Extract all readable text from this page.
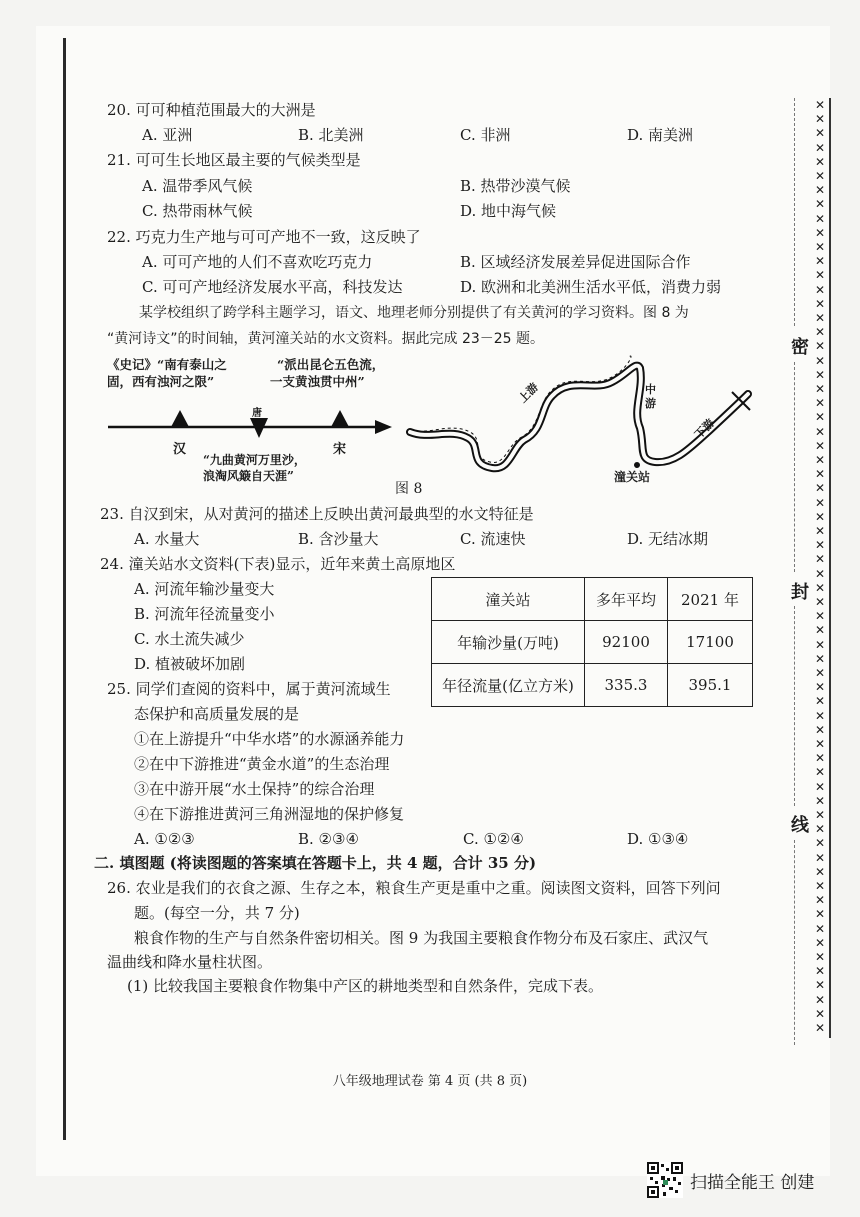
20. 可可种植范围最大的大洲是
A. 亚洲	B. 北美洲	C. 非洲	D. 南美洲
21. 可可生长地区最主要的气候类型是
A. 温带季风气候	B. 热带沙漠气候
C. 热带雨林气候	D. 地中海气候
22. 巧克力生产地与可可产地不一致，这反映了
A. 可可产地的人们不喜欢吃巧克力	B. 区域经济发展差异促进国际合作
C. 可可产地经济发展水平高，科技发达	D. 欧洲和北美洲生活水平低，消费力弱
某学校组织了跨学科主题学习，语文、地理老师分别提供了有关黄河的学习资料。图 8 为
“黄河诗文”的时间轴，黄河潼关站的水文资料。据此完成 23－25 题。
《史记》“南有泰山之
固，西有浊河之限”
“派出昆仑五色流，
一支黄浊贯中州”
“九曲黄河万里沙，
浪淘风簸自天涯”
汉
唐
宋
上游	中游
下游
潼关站
图 8
23. 自汉到宋，从对黄河的描述上反映出黄河最典型的水文特征是
A. 水量大	B. 含沙量大	C. 流速快	D. 无结冰期
24. 潼关站水文资料(下表)显示，近年来黄土高原地区
A. 河流年输沙量变大
B. 河流年径流量变小
C. 水土流失减少
D. 植被破坏加剧
潼关站	多年平均	2021 年
年输沙量(万吨)	92100	17100
年径流量(亿立方米)	335.3	395.1
25. 同学们查阅的资料中，属于黄河流域生
态保护和高质量发展的是
①在上游提升“中华水塔”的水源涵养能力
②在中下游推进“黄金水道”的生态治理
③在中游开展“水土保持”的综合治理
④在下游推进黄河三角洲湿地的保护修复
A. ①②③	B. ②③④	C. ①②④	D. ①③④
二. 填图题 (将读图题的答案填在答题卡上，共 4 题，合计 35 分)
26. 农业是我们的衣食之源、生存之本，粮食生产更是重中之重。阅读图文资料，回答下列问
题。(每空一分，共 7 分)
粮食作物的生产与自然条件密切相关。图 9 为我国主要粮食作物分布及石家庄、武汉气
温曲线和降水量柱状图。
(1) 比较我国主要粮食作物集中产区的耕地类型和自然条件，完成下表。
密
封
线
✕
✕
✕
✕
✕
✕
✕
✕
✕
✕
✕
✕
✕
✕
✕
✕
✕
✕
✕
✕
✕
✕
✕
✕
✕
✕
✕
✕
✕
✕
✕
✕
✕
✕
✕
✕
✕
✕
✕
✕
✕
✕
✕
✕
✕
✕
✕
✕
✕
✕
✕
✕
✕
✕
✕
✕
✕
✕
✕
✕
✕
✕
✕
✕
✕
✕
八年级地理试卷 第 4 页 (共 8 页)
扫描全能王 创建
